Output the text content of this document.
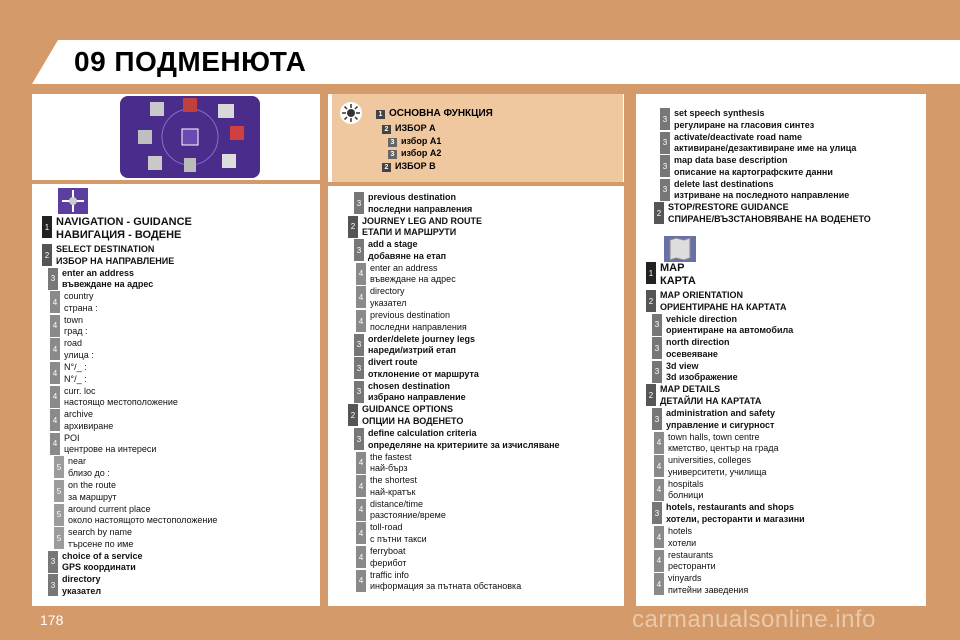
09 ПОДМЕНЮТА
1 ОСНОВНА ФУНКЦИЯ
2 ИЗБОР A
3 избор A1
3 избор A2
2 ИЗБОР B
1 NAVIGATION - GUIDANCE
НАВИГАЦИЯ - ВОДЕНЕ
2
SELECT DESTINATION
ИЗБОР НА НАПРАВЛЕНИЕ
3
enter an address
въвеждане на адрес
4
country
страна :
4
town
град :
4
road
улица :
4
N°/_ :
N°/_ :
4
curr. loc
настоящо местоположение
4
archive
архивиране
4
POI
центрове на интереси
5
near
близо до :
5
on the route
за маршрут
5
around current place
около настоящото местоположение
5
search by name
търсене по име
3
choice of a service
GPS координати
3
directory
указател
3
previous destination
последни направления
2
JOURNEY LEG AND ROUTE
ЕТАПИ И МАРШРУТИ
3
add a stage
добавяне на етап
4
enter an address
въвеждане на адрес
4
directory
указател
4
previous destination
последни направления
3
order/delete journey legs
нареди/изтрий етап
3
divert route
отклонение от маршрута
3
chosen destination
избрано направление
2
GUIDANCE OPTIONS
ОПЦИИ НА ВОДЕНЕТО
3
define calculation criteria
определяне на критериите за изчисляване
4
the fastest
най-бърз
4
the shortest
най-кратък
4
distance/time
разстояние/време
4
toll-road
с пътни такси
4
ferryboat
ферибот
4
traffic info
информация за пътната обстановка
3
set speech synthesis
регулиране на гласовия синтез
3
activate/deactivate road name
активиране/дезактивиране име на улица
3
map data base description
описание на картографските данни
3
delete last destinations
изтриване на последното направление
2
STOP/RESTORE GUIDANCE
СПИРАНЕ/ВЪЗСТАНОВЯВАНЕ НА ВОДЕНЕТО
1 MAP
КАРТА
2
MAP ORIENTATION
ОРИЕНТИРАНЕ НА КАРТАТА
3
vehicle direction
ориентиране на автомобила
3
north direction
осевеяване
3
3d view
3d изображение
2
MAP DETAILS
ДЕТАЙЛИ НА КАРТАТА
3
administration and safety
управление и сигурност
4
town halls, town centre
кметство, център на града
4
universities, colleges
университети, училища
4
hospitals
болници
3
hotels, restaurants and shops
хотели, ресторанти и магазини
4
hotels
хотели
4
restaurants
ресторанти
4
vinyards
питейни заведения
178	carmanualsonline.info
